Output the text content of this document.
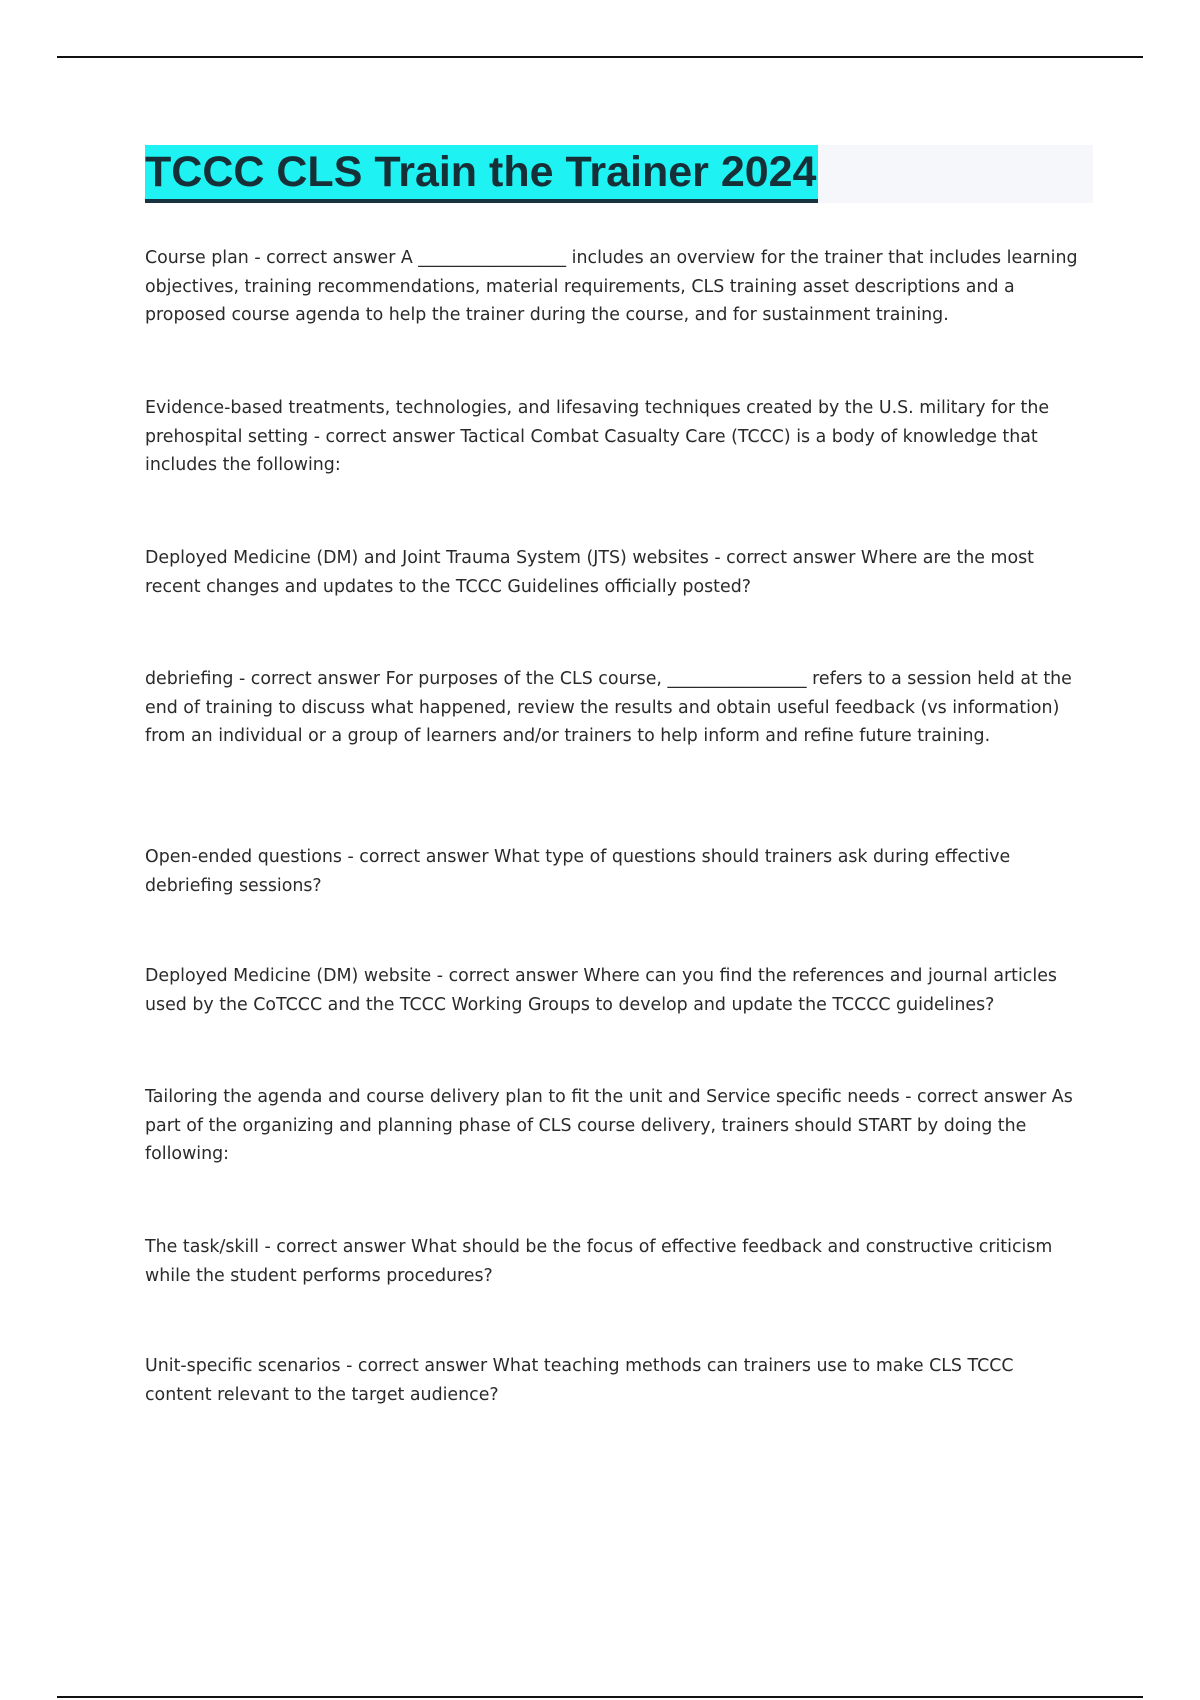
TCCC CLS Train the Trainer 2024

Course plan - correct answer A _________________ includes an overview for the trainer that includes learning objectives, training recommendations, material requirements, CLS training asset descriptions and a proposed course agenda to help the trainer during the course, and for sustainment training.

Evidence-based treatments, technologies, and lifesaving techniques created by the U.S. military for the prehospital setting - correct answer Tactical Combat Casualty Care (TCCC) is a body of knowledge that includes the following:

Deployed Medicine (DM) and Joint Trauma System (JTS) websites - correct answer Where are the most recent changes and updates to the TCCC Guidelines officially posted?

debriefing - correct answer For purposes of the CLS course, ________________ refers to a session held at the end of training to discuss what happened, review the results and obtain useful feedback (vs information) from an individual or a group of learners and/or trainers to help inform and refine future training.

Open-ended questions - correct answer What type of questions should trainers ask during effective debriefing sessions?

Deployed Medicine (DM) website - correct answer Where can you find the references and journal articles used by the CoTCCC and the TCCC Working Groups to develop and update the TCCCC guidelines?

Tailoring the agenda and course delivery plan to fit the unit and Service specific needs - correct answer As part of the organizing and planning phase of CLS course delivery, trainers should START by doing the following:

The task/skill - correct answer What should be the focus of effective feedback and constructive criticism while the student performs procedures?

Unit-specific scenarios - correct answer What teaching methods can trainers use to make CLS TCCC content relevant to the target audience?
